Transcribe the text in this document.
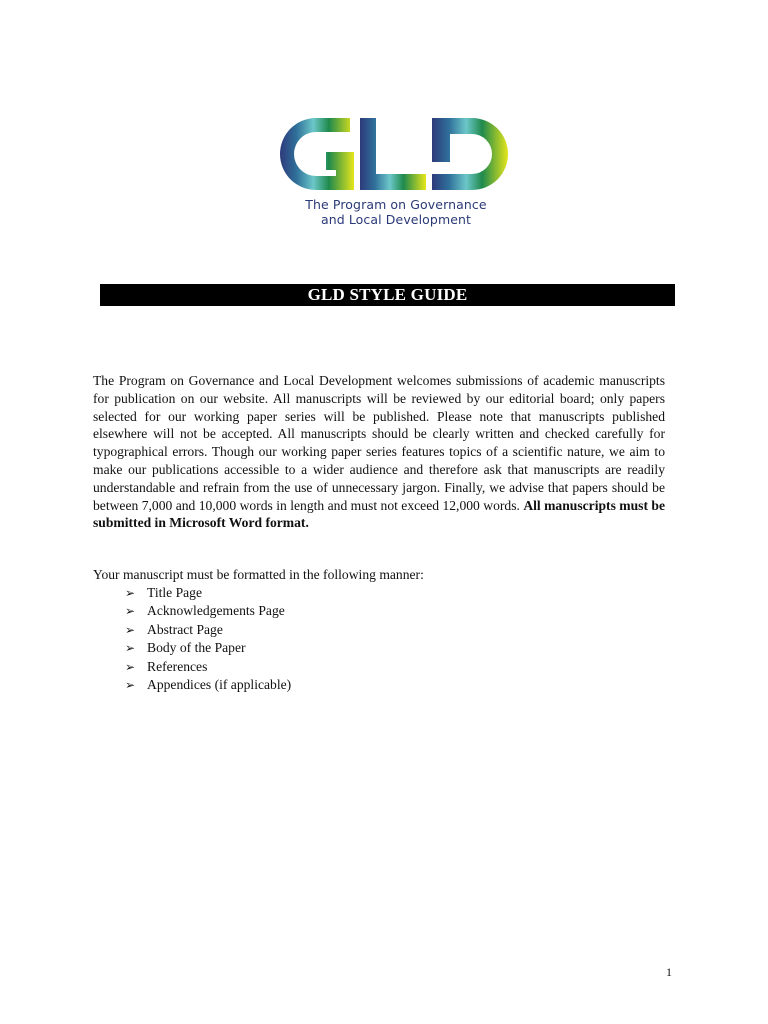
The Program on Governance
and Local Development
GLD STYLE GUIDE

The Program on Governance and Local Development welcomes submissions of academic manuscripts for publication on our website. All manuscripts will be reviewed by our editorial board; only papers selected for our working paper series will be published. Please note that manuscripts published elsewhere will not be accepted. All manuscripts should be clearly written and checked carefully for typographical errors. Though our working paper series features topics of a scientific nature, we aim to make our publications accessible to a wider audience and therefore ask that manuscripts are readily understandable and refrain from the use of unnecessary jargon. Finally, we advise that papers should be between 7,000 and 10,000 words in length and must not exceed 12,000 words. All manuscripts must be submitted in Microsoft Word format.

Your manuscript must be formatted in the following manner:

➢ Title Page
➢ Acknowledgements Page
➢ Abstract Page
➢ Body of the Paper
➢ References
➢ Appendices (if applicable)
1
